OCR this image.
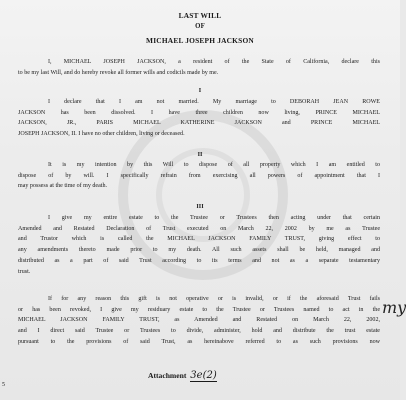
LAST WILL
OF
MICHAEL JOSEPH JACKSON
I, MICHAEL JOSEPH JACKSON, a resident of the State of California, declare this
to be my last Will, and do hereby revoke all former wills and codicils made by me.
I
I declare that I am not married. My marriage to DEBORAH JEAN ROWE
JACKSON has been dissolved. I have three children now living, PRINCE MICHAEL
JACKSON, JR., PARIS MICHAEL KATHERINE JACKSON and PRINCE MICHAEL
JOSEPH JACKSON, II. I have no other children, living or deceased.
II
It is my intention by this Will to dispose of all property which I am entitled to
dispose of by will. I specifically refrain from exercising all powers of appointment that I
may possess at the time of my death.
III
I give my entire estate to the Trustee or Trustees then acting under that certain
Amended and Restated Declaration of Trust executed on March 22, 2002 by me as Trustee
and Trustor which is called the MICHAEL JACKSON FAMILY TRUST, giving effect to
any amendments thereto made prior to my death. All such assets shall be held, managed and
distributed as a part of said Trust according to its terms and not as a separate testamentary
trust.
If for any reason this gift is not operative or is invalid, or if the aforesaid Trust fails
or has been revoked, I give my residuary estate to the Trustee or Trustees named to act in the
MICHAEL JACKSON FAMILY TRUST, as Amended and Restated on March 22, 2002,
and I direct said Trustee or Trustees to divide, administer, hold and distribute the trust estate
pursuant to the provisions of said Trust, as hereinabove referred to as such provisions now
Attachment 3e(2)
my
5
